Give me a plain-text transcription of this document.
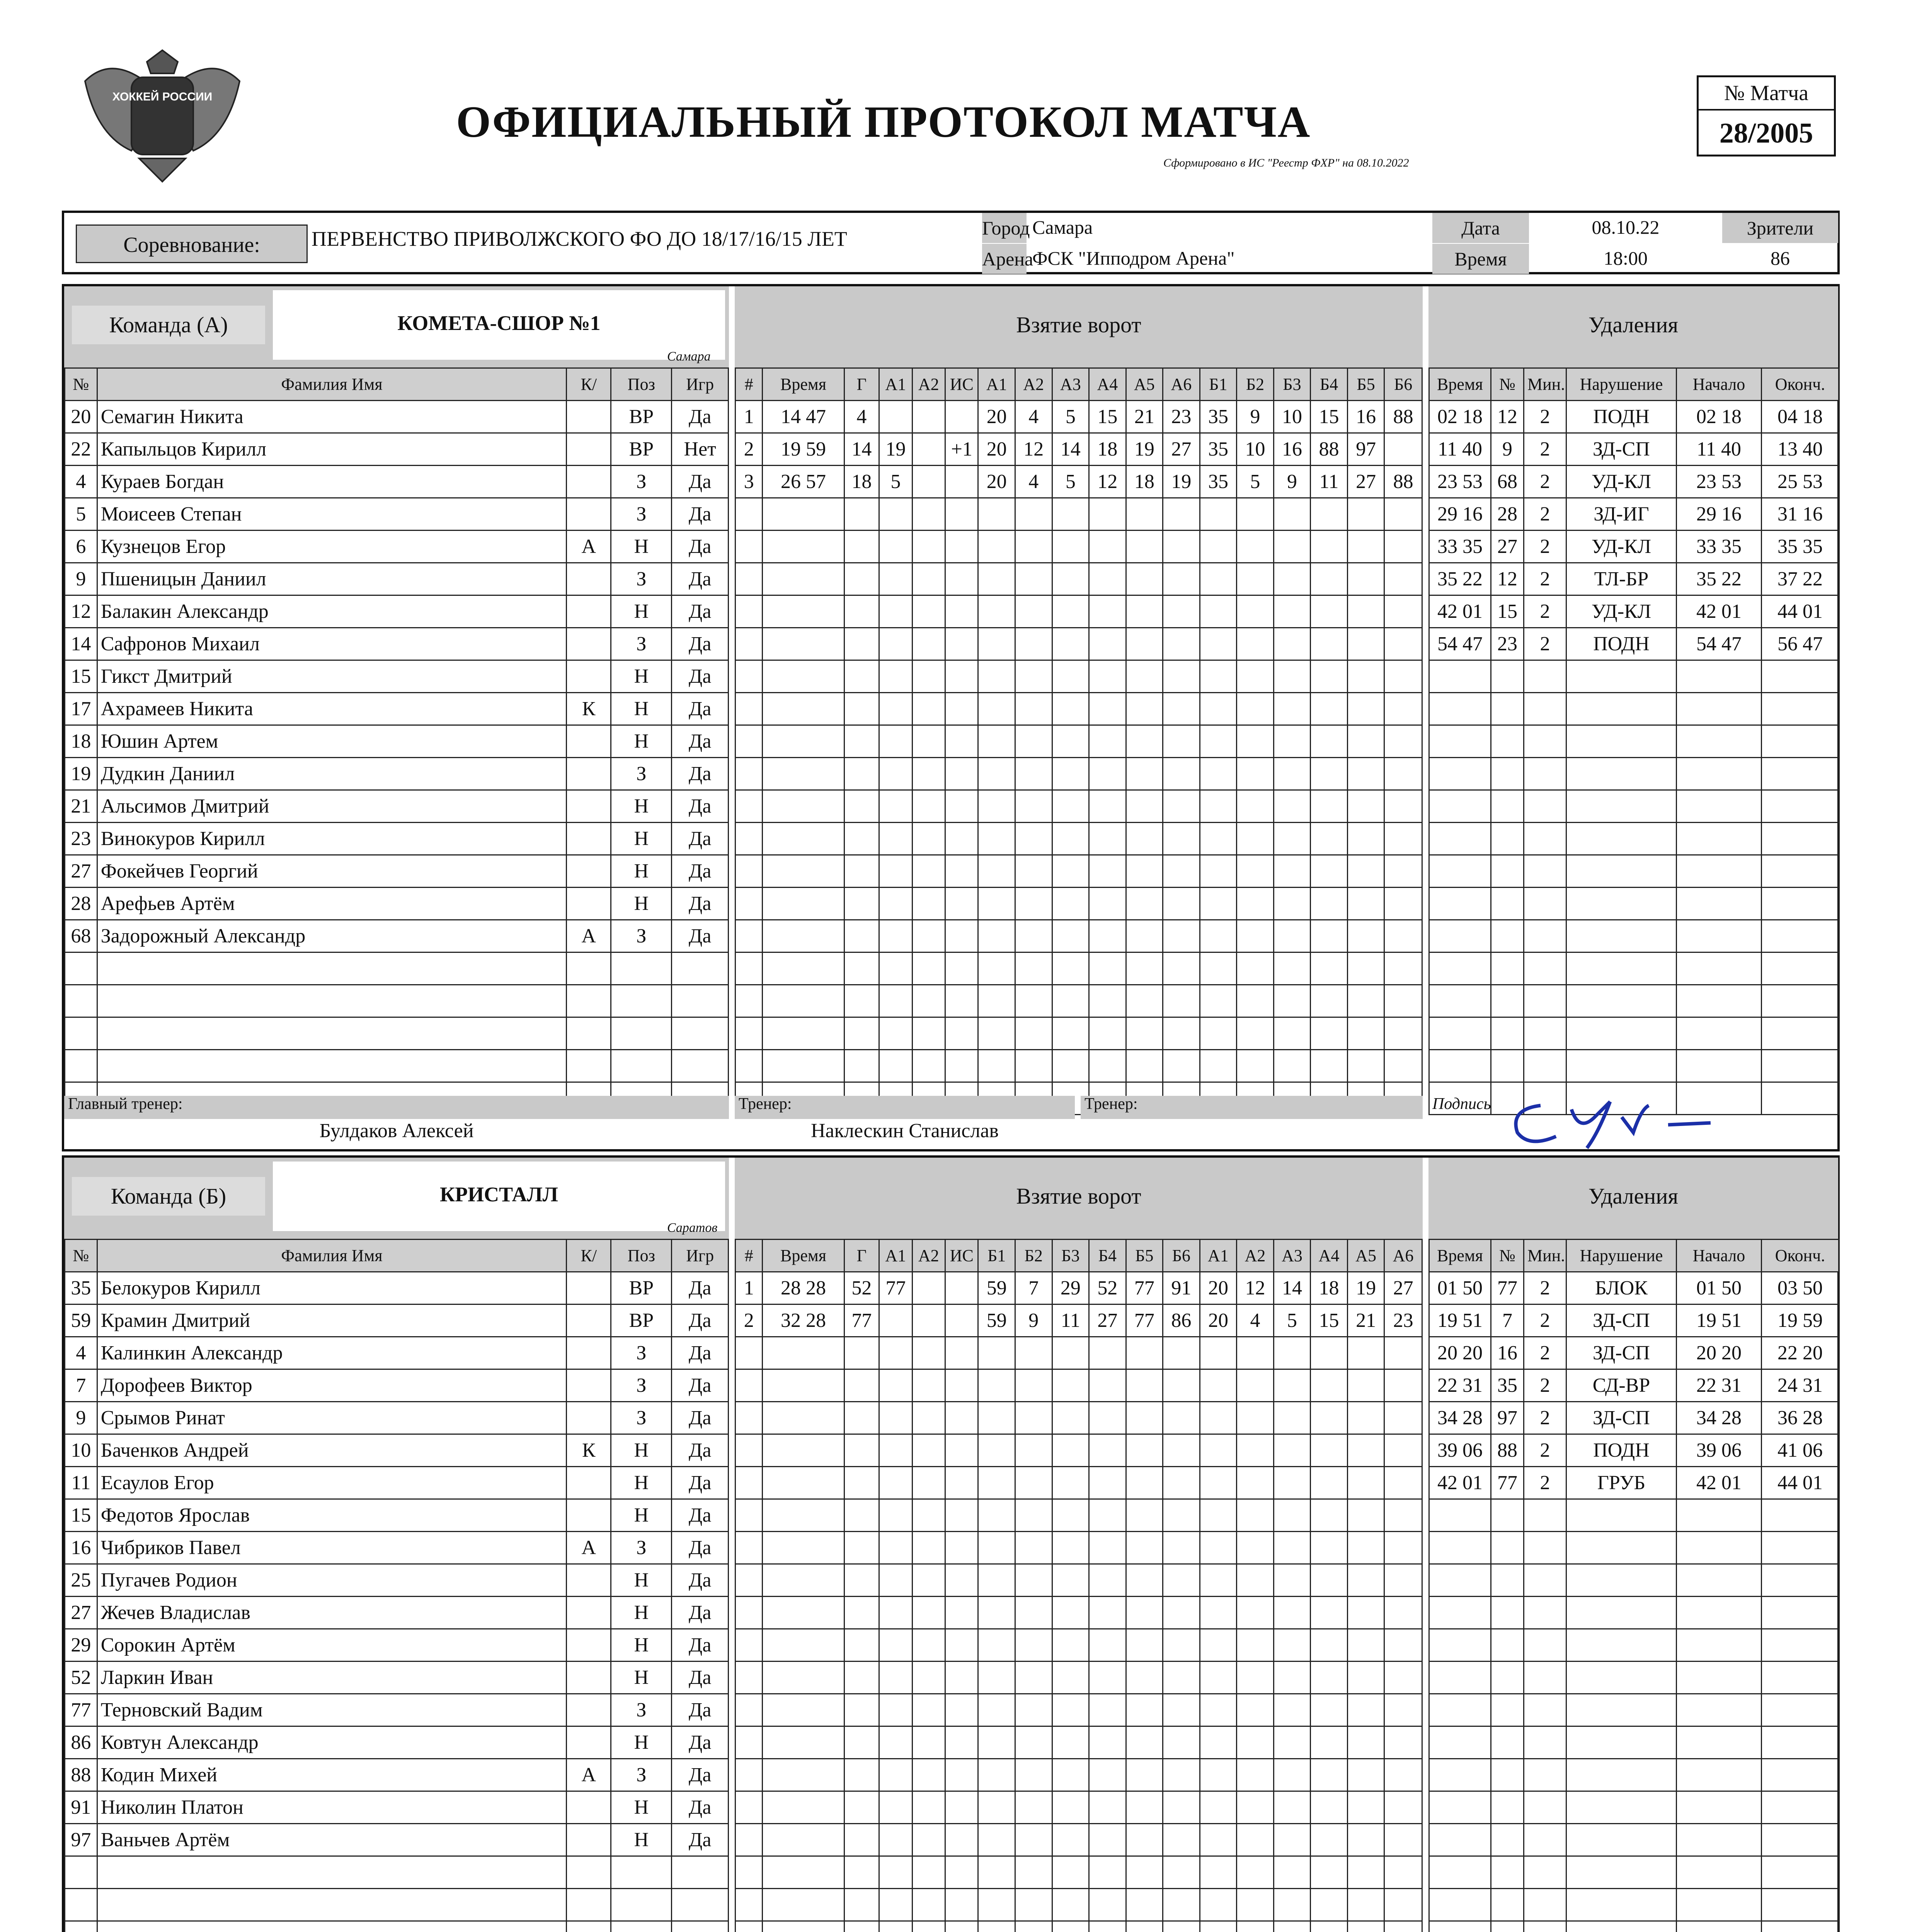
ХОККЕЙ РОССИИ
ОФИЦИАЛЬНЫЙ ПРОТОКОЛ МАТЧА
Сформировано в ИС "Реестр ФХР" на 08.10.2022
№ Матча
28/2005
Соревнование:	ПЕРВЕНСТВО ПРИВОЛЖСКОГО ФО ДО 18/17/16/15 ЛЕТ	Город Самара
Арена
ФСК "Ипподром Арена"
Дата	08.10.22
Время	18:00
Зрители
86
Команда (А)	КОМЕТА-СШОР №1
Самара
Взятие ворот	Удаления
№	Фамилия Имя	К/	Поз	Игр
20	Семагин Никита		ВР	Да
22	Капыльцов Кирилл		ВР	Нет
4	Кураев Богдан		З	Да
5	Моисеев Степан		З	Да
6	Кузнецов Егор	А	Н	Да
9	Пшеницын Даниил		З	Да
12	Балакин Александр		Н	Да
14	Сафронов Михаил		З	Да
15	Гикст Дмитрий		Н	Да
17	Ахрамеев Никита	К	Н	Да
18	Юшин Артем		Н	Да
19	Дудкин Даниил		З	Да
21	Альсимов Дмитрий		Н	Да
23	Винокуров Кирилл		Н	Да
27	Фокейчев Георгий		Н	Да
28	Арефьев Артём		Н	Да
68	Задорожный Александр	А	З	Да

#	Время	Г	А1	А2	ИС	А1	А2	А3	А4	А5	А6	Б1	Б2	Б3	Б4	Б5	Б6
1	14 47	4				20	4	5	15	21	23	35	9	10	15	16	88
2	19 59	14	19		+1	20	12	14	18	19	27	35	10	16	88	97	
3	26 57	18	5			20	4	5	12	18	19	35	5	9	11	27	88

Время	№	Мин.	Нарушение	Начало	Оконч.
02 18	12	2	ПОДН	02 18	04 18
11 40	9	2	ЗД-СП	11 40	13 40
23 53	68	2	УД-КЛ	23 53	25 53
29 16	28	2	ЗД-ИГ	29 16	31 16
33 35	27	2	УД-КЛ	33 35	35 35
35 22	12	2	ТЛ-БР	35 22	37 22
42 01	15	2	УД-КЛ	42 01	44 01
54 47	23	2	ПОДН	54 47	56 47

Главный тренер:
Булдаков Алексей
Тренер:
Наклескин Станислав
Тренер:	Подпись
Команда (Б)	КРИСТАЛЛ
Саратов
Взятие ворот	Удаления
№	Фамилия Имя	К/	Поз	Игр
35	Белокуров Кирилл		ВР	Да
59	Крамин Дмитрий		ВР	Да
4	Калинкин Александр		З	Да
7	Дорофеев Виктор		З	Да
9	Срымов Ринат		З	Да
10	Баченков Андрей	К	Н	Да
11	Есаулов Егор		Н	Да
15	Федотов Ярослав		Н	Да
16	Чибриков Павел	А	З	Да
25	Пугачев Родион		Н	Да
27	Жечев Владислав		Н	Да
29	Сорокин Артём		Н	Да
52	Ларкин Иван		Н	Да
77	Терновский Вадим		З	Да
86	Ковтун Александр		Н	Да
88	Кодин Михей	А	З	Да
91	Николин Платон		Н	Да
97	Ваньчев Артём		Н	Да

#	Время	Г	А1	А2	ИС	Б1	Б2	Б3	Б4	Б5	Б6	А1	А2	А3	А4	А5	А6
1	28 28	52	77			59	7	29	52	77	91	20	12	14	18	19	27
2	32 28	77				59	9	11	27	77	86	20	4	5	15	21	23

Время	№	Мин.	Нарушение	Начало	Оконч.
01 50	77	2	БЛОК	01 50	03 50
19 51	7	2	ЗД-СП	19 51	19 59
20 20	16	2	ЗД-СП	20 20	22 20
22 31	35	2	СД-ВР	22 31	24 31
34 28	97	2	ЗД-СП	34 28	36 28
39 06	88	2	ПОДН	39 06	41 06
42 01	77	2	ГРУБ	42 01	44 01
